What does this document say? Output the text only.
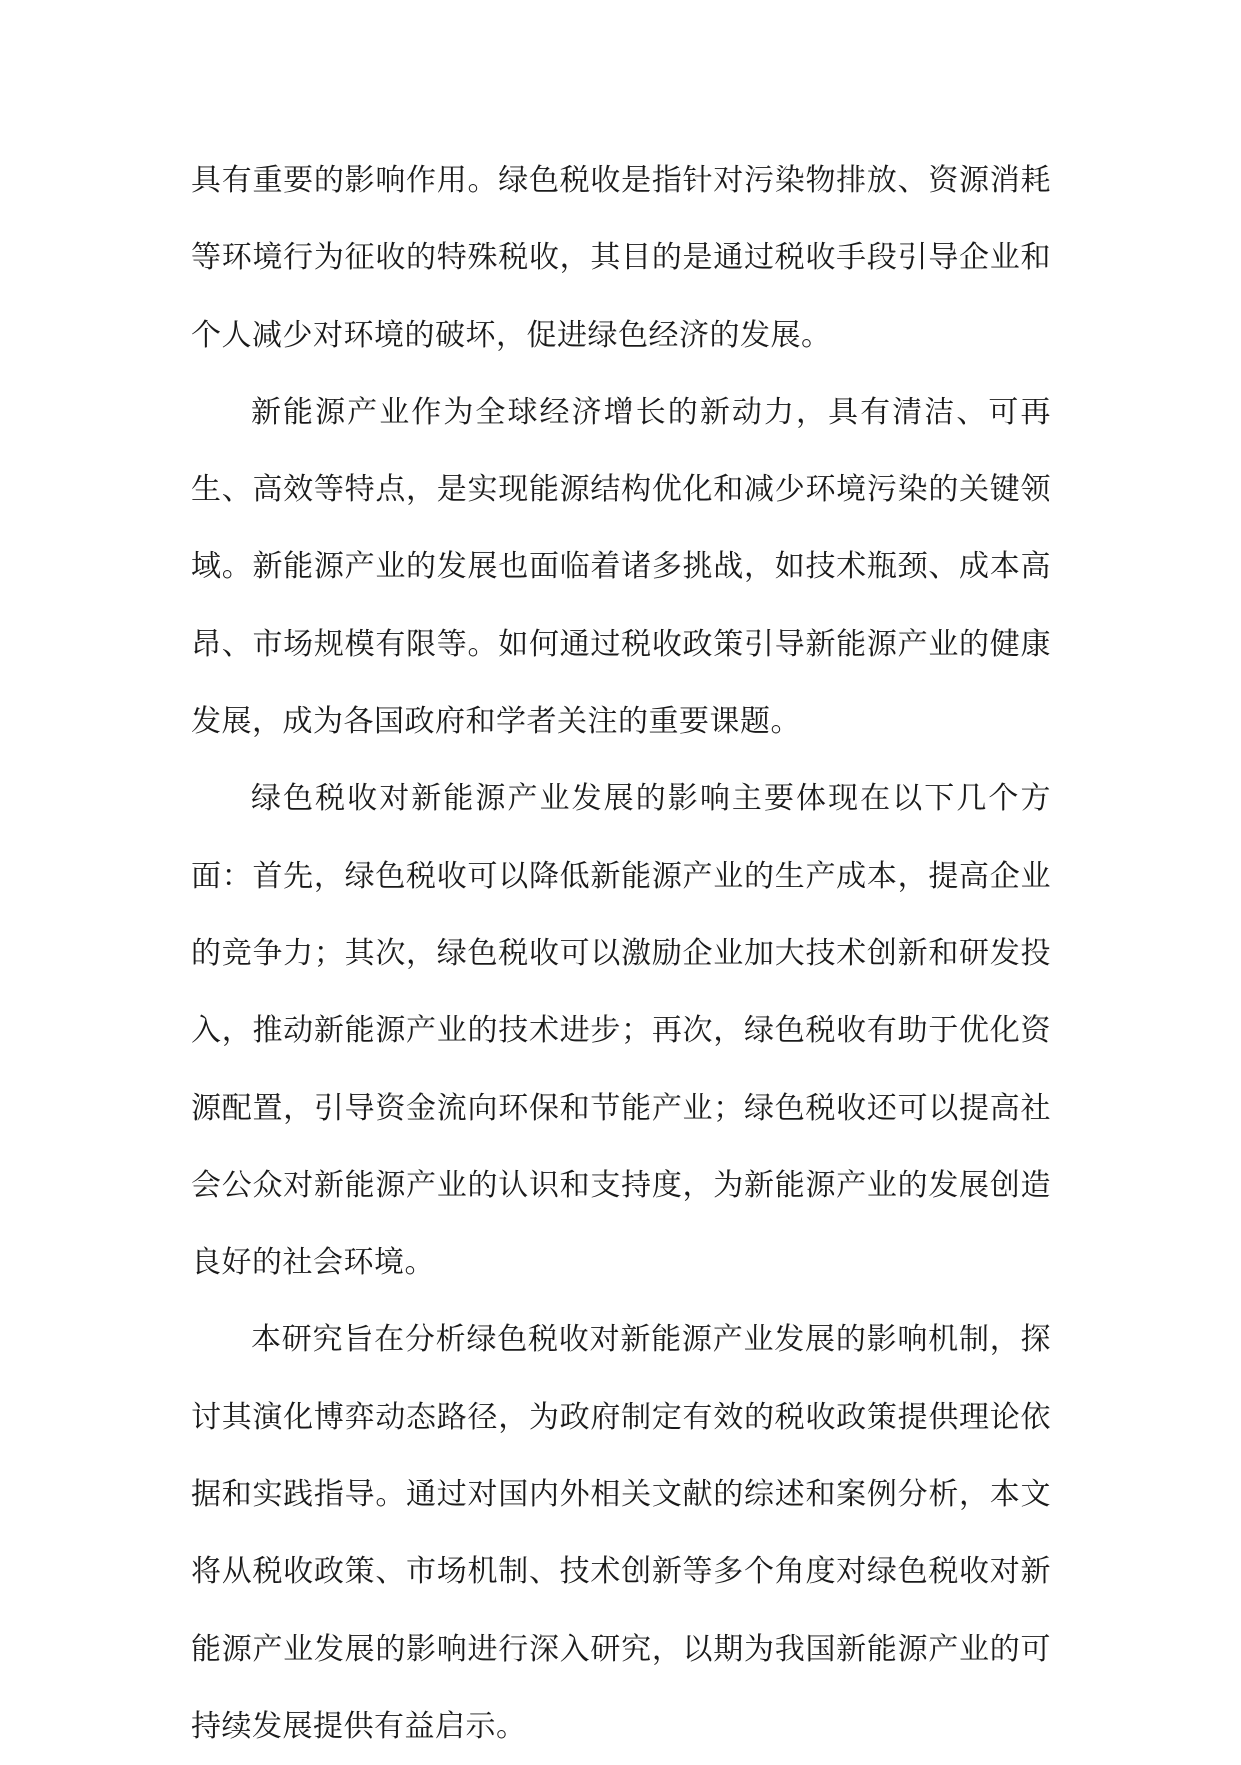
具有重要的影响作用。绿色税收是指针对污染物排放、资源消耗等环境行为征收的特殊税收，其目的是通过税收手段引导企业和个人减少对环境的破坏，促进绿色经济的发展。

新能源产业作为全球经济增长的新动力，具有清洁、可再生、高效等特点，是实现能源结构优化和减少环境污染的关键领域。新能源产业的发展也面临着诸多挑战，如技术瓶颈、成本高昂、市场规模有限等。如何通过税收政策引导新能源产业的健康发展，成为各国政府和学者关注的重要课题。

绿色税收对新能源产业发展的影响主要体现在以下几个方面：首先，绿色税收可以降低新能源产业的生产成本，提高企业的竞争力；其次，绿色税收可以激励企业加大技术创新和研发投入，推动新能源产业的技术进步；再次，绿色税收有助于优化资源配置，引导资金流向环保和节能产业；绿色税收还可以提高社会公众对新能源产业的认识和支持度，为新能源产业的发展创造良好的社会环境。

本研究旨在分析绿色税收对新能源产业发展的影响机制，探讨其演化博弈动态路径，为政府制定有效的税收政策提供理论依据和实践指导。通过对国内外相关文献的综述和案例分析，本文将从税收政策、市场机制、技术创新等多个角度对绿色税收对新能源产业发展的影响进行深入研究，以期为我国新能源产业的可持续发展提供有益启示。
